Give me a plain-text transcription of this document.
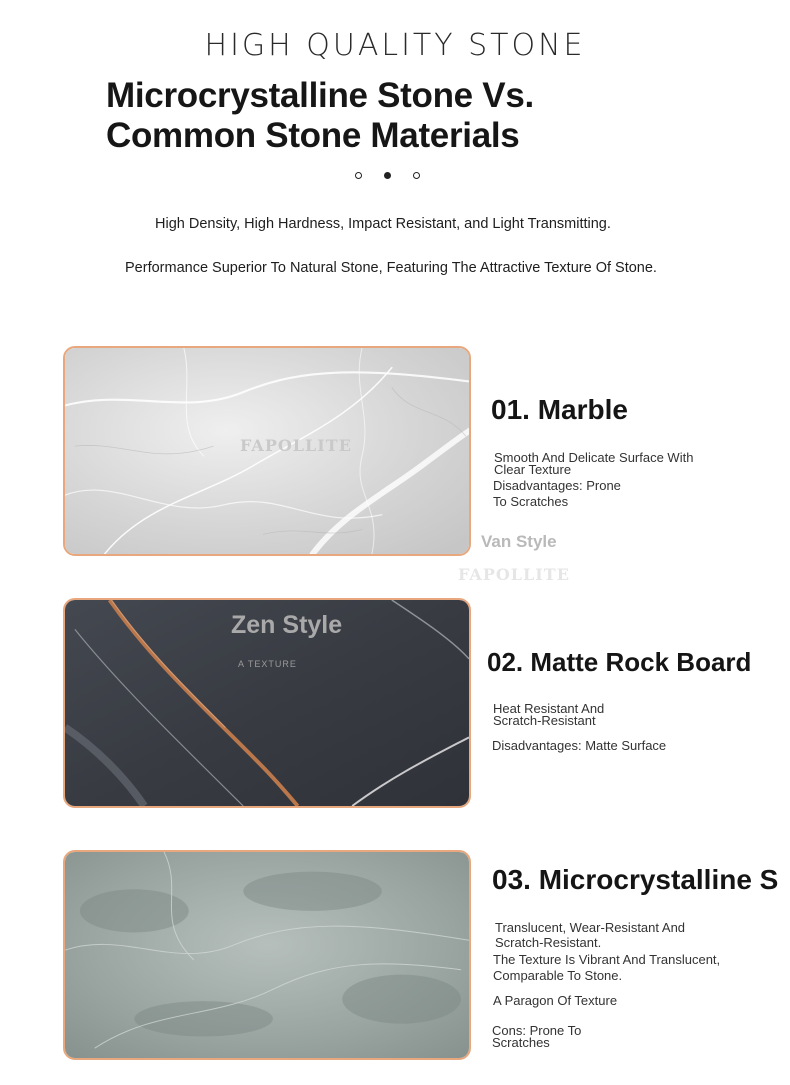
HIGH QUALITY STONE
Microcrystalline Stone Vs.
Common Stone Materials
High Density, High Hardness, Impact Resistant, and Light Transmitting.
Performance Superior To Natural Stone, Featuring The Attractive Texture Of Stone.
FAPOLLITE
01. Marble
Smooth And Delicate Surface With
Clear Texture
Disadvantages: Prone
To Scratches
Van Style
FAPOLLITE
Zen Style
A TEXTURE	02. Matte Rock Board
Heat Resistant And
Scratch-Resistant
Disadvantages: Matte Surface
03. Microcrystalline S
Translucent, Wear-Resistant And
Scratch-Resistant.
The Texture Is Vibrant And Translucent,
Comparable To Stone.
A Paragon Of Texture
Cons: Prone To
Scratches
